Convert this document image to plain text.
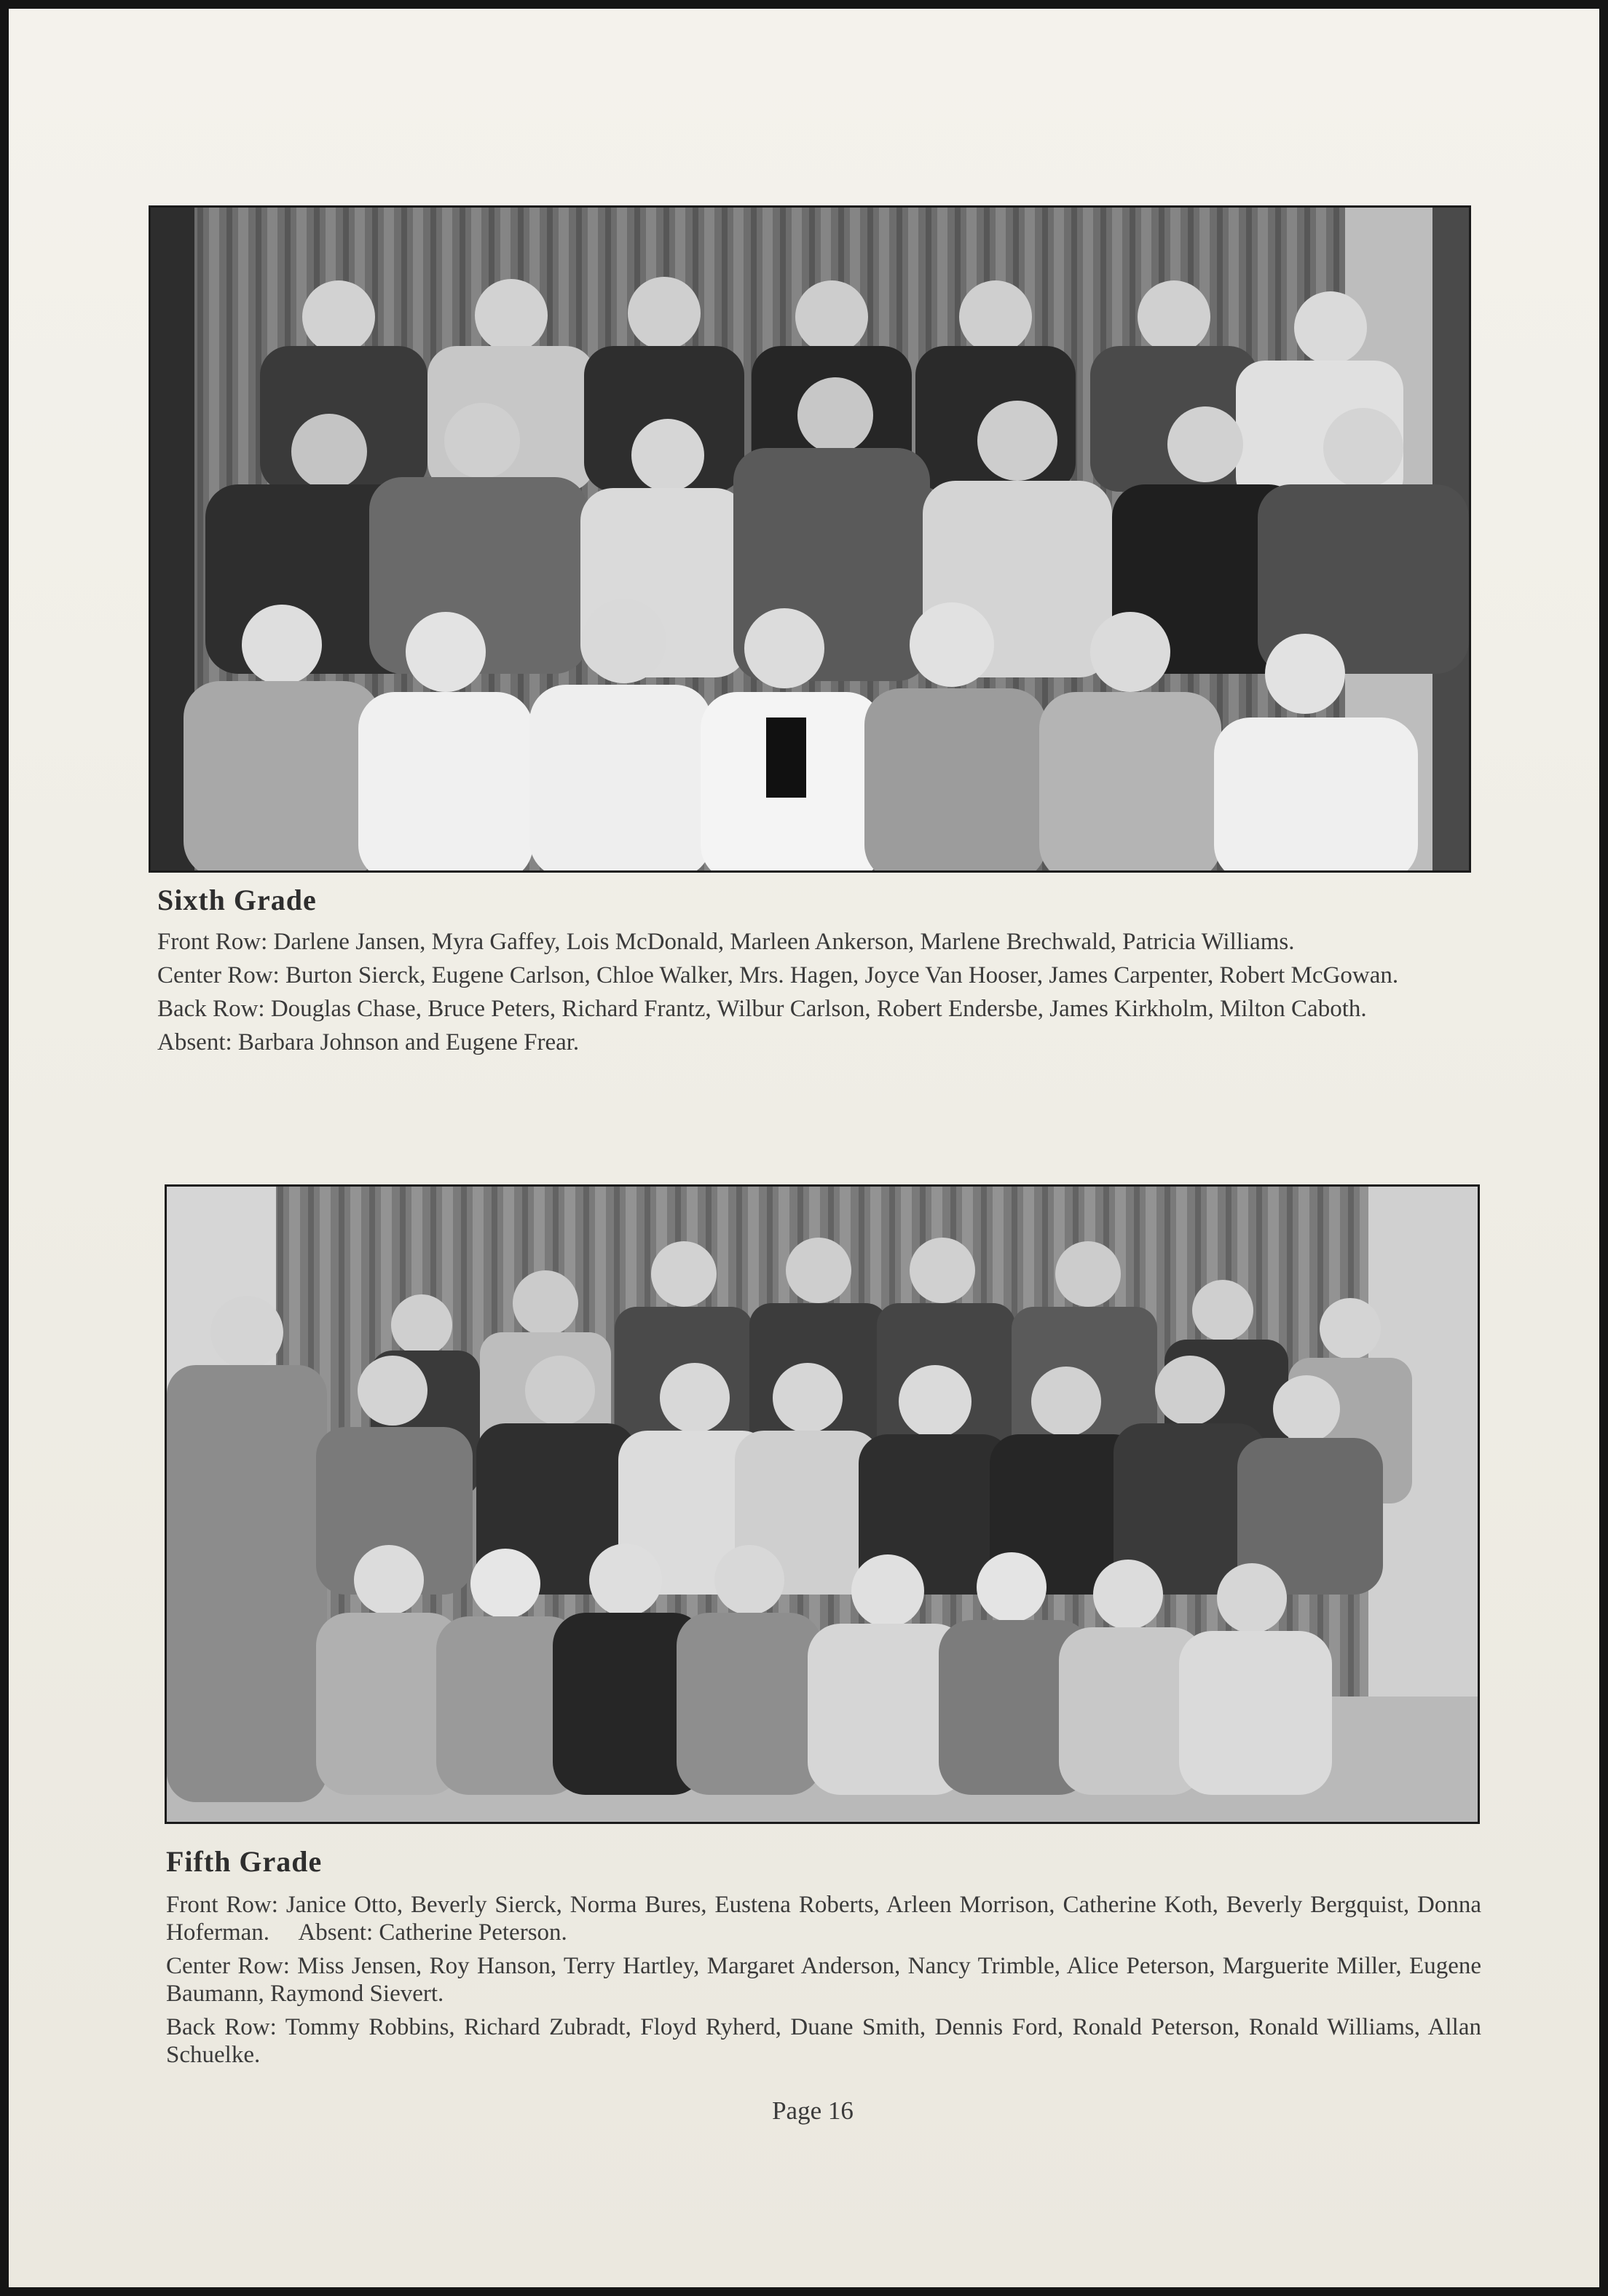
Sixth Grade

Front Row: Darlene Jansen, Myra Gaffey, Lois McDonald, Marleen Ankerson, Marlene Brechwald, Patricia Williams.

Center Row: Burton Sierck, Eugene Carlson, Chloe Walker, Mrs. Hagen, Joyce Van Hooser, James Carpenter, Robert McGowan.

Back Row: Douglas Chase, Bruce Peters, Richard Frantz, Wilbur Carlson, Robert Endersbe, James Kirkholm, Milton Caboth.

Absent: Barbara Johnson and Eugene Frear.

Fifth Grade

Front Row: Janice Otto, Beverly Sierck, Norma Bures, Eustena Roberts, Arleen Morrison, Catherine Koth, Beverly Bergquist, Donna Hoferman.     Absent: Catherine Peterson.

Center Row: Miss Jensen, Roy Hanson, Terry Hartley, Margaret Anderson, Nancy Trimble, Alice Peterson, Marguerite Miller, Eugene Baumann, Raymond Sievert.

Back Row: Tommy Robbins, Richard Zubradt, Floyd Ryherd, Duane Smith, Dennis Ford, Ronald Peterson, Ronald Williams, Allan Schuelke.

Page 16
